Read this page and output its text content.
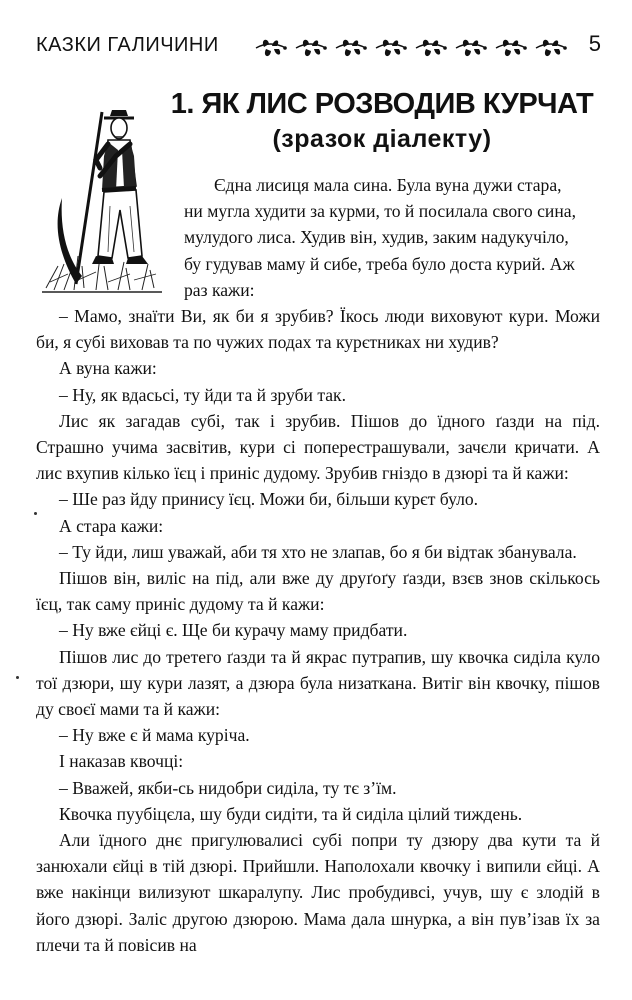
КАЗКИ ГАЛИЧИНИ	5

1. ЯК ЛИС РОЗВОДИВ КУРЧАТ

(зразок діалекту)

Єдна лисиця мала сина. Була вуна дужи стара,

ни мугла худити за курми, то й посилала свого сина,

мулудого лиса. Худив він, худив, заким надукучіло,

бу гудував маму й сибе, треба було доста курий. Аж

раз кажи:

– Мамо, знаїти Ви, як би я зрубив? Їкось люди виховуют кури. Можи би, я субі виховав та по чужих подах та курєтниках ни худив?

А вуна кажи:

– Ну, як вдасьсі, ту йди та й зруби так.

Лис як загадав субі, так і зрубив. Пішов до їдного ґазди на під. Страшно учима засвітив, кури сі поперестрашували, зачєли кричати. А лис вхупив кілько їєц і приніс дудому. Зрубив гніздо в дзюрі та й кажи:

– Ше раз йду принису їєц. Можи би, більши курєт було.

А стара кажи:

– Ту йди, лиш уважай, аби тя хто не злапав, бо я би відтак збанувала.

Пішов він, виліс на під, али вже ду друґоґу ґазди, взєв знов скількось їєц, так саму приніс дудому та й кажи:

– Ну вже єйці є. Ще би курачу маму придбати.

Пішов лис до третего ґазди та й якрас путрапив, шу квочка сиділа куло тої дзюри, шу кури лазят, а дзюра була низаткана. Витіг він квочку, пішов ду своєї мами та й кажи:

– Ну вже є й мама куріча.

І наказав квочці:

– Вважей, якби-сь нидобри сиділа, ту тє з’їм.

Квочка пуубіцєла, шу буди сидіти, та й сиділа цілий тиждень.

Али їдного днє пригулювалисі субі попри ту дзюру два кути та й занюхали єйці в тій дзюрі. Прийшли. Наполохали квочку і випили єйці. А вже накінци вилизуют шкаралупу. Лис пробудивсі, учув, шу є злодій в його дзюрі. Заліс другою дзюрою. Мама дала шнурка, а він пув’ізав їх за плечи та й повісив на
